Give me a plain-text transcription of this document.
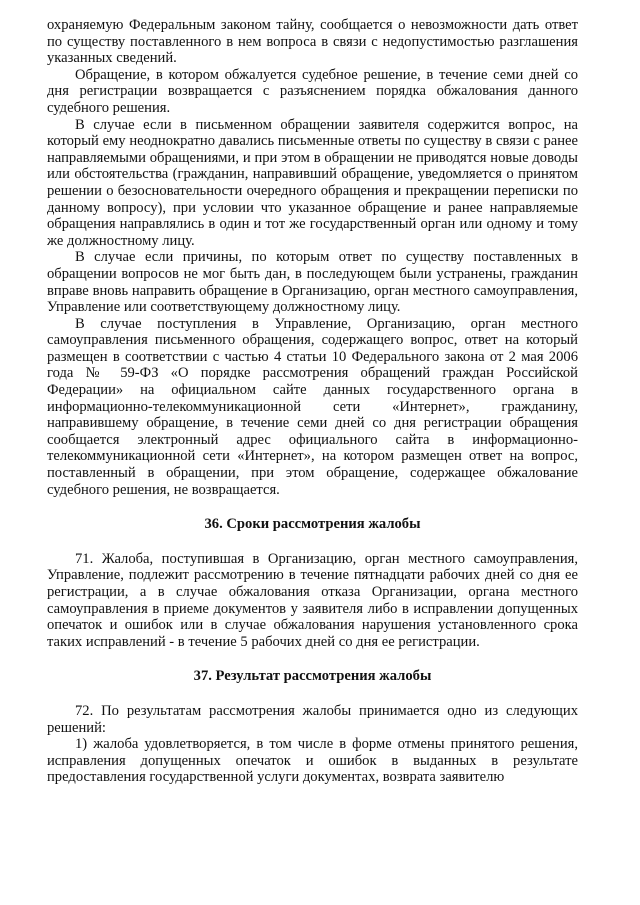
охраняемую Федеральным законом тайну, сообщается о невозможности дать ответ по существу поставленного в нем вопроса в связи с недопустимостью разглашения указанных сведений.

Обращение, в котором обжалуется судебное решение, в течение семи дней со дня регистрации возвращается с разъяснением порядка обжалования данного судебного решения.

В случае если в письменном обращении заявителя содержится вопрос, на который ему неоднократно давались письменные ответы по существу в связи с ранее направляемыми обращениями, и при этом в обращении не приводятся новые доводы или обстоятельства (гражданин, направивший обращение, уведомляется о принятом решении о безосновательности очередного обращения и прекращении переписки по данному вопросу), при условии что указанное обращение и ранее направляемые обращения направлялись в один и тот же государственный орган или одному и тому же должностному лицу.

В случае если причины, по которым ответ по существу поставленных в обращении вопросов не мог быть дан, в последующем были устранены, гражданин вправе вновь направить обращение в Организацию, орган местного самоуправления, Управление или соответствующему должностному лицу.

В случае поступления в Управление, Организацию, орган местного самоуправления письменного обращения, содержащего вопрос, ответ на который размещен в соответствии с частью 4 статьи 10 Федерального закона от 2 мая 2006 года № 59-ФЗ «О порядке рассмотрения обращений граждан Российской Федерации» на официальном сайте данных государственного органа в информационно-телекоммуникационной сети «Интернет», гражданину, направившему обращение, в течение семи дней со дня регистрации обращения сообщается электронный адрес официального сайта в информационно-телекоммуникационной сети «Интернет», на котором размещен ответ на вопрос, поставленный в обращении, при этом обращение, содержащее обжалование судебного решения, не возвращается.

36. Сроки рассмотрения жалобы

71. Жалоба, поступившая в Организацию, орган местного самоуправления, Управление, подлежит рассмотрению в течение пятнадцати рабочих дней со дня ее регистрации, а в случае обжалования отказа Организации, органа местного самоуправления в приеме документов у заявителя либо в исправлении допущенных опечаток и ошибок или в случае обжалования нарушения установленного срока таких исправлений - в течение 5 рабочих дней со дня ее регистрации.

37. Результат рассмотрения жалобы

72. По результатам рассмотрения жалобы принимается одно из следующих решений:

1) жалоба удовлетворяется, в том числе в форме отмены принятого решения, исправления допущенных опечаток и ошибок в выданных в результате предоставления государственной услуги документах, возврата заявителю
